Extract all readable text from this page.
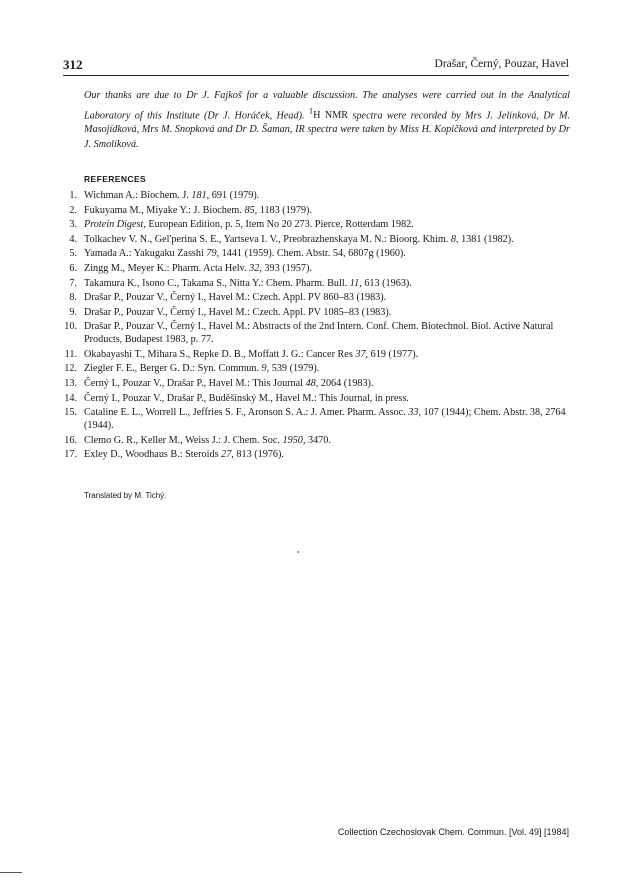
312	Drašar, Černý, Pouzar, Havel

Our thanks are due to Dr J. Fajkoš for a valuable discussion. The analyses were carried out in the Analytical Laboratory of this Institute (Dr J. Horáček, Head). $^1$H NMR spectra were recorded by Mrs J. Jelínková, Dr M. Masojídková, Mrs M. Snopková and Dr D. Šaman, IR spectra were taken by Miss H. Kopičková and interpreted by Dr J. Smolíková.

REFERENCES
1. Wichman A.: Biochem. J. 181, 691 (1979).
2. Fukuyama M., Miyake Y.: J. Biochem. 85, 1183 (1979).
3. Protein Digest, European Edition, p. 5, Item No 20 273. Pierce, Rotterdam 1982.
4. Tolkachev V. N., Gel'perina S. E., Yartseva I. V., Preobrazhenskaya M. N.: Bioorg. Khim. 8, 1381 (1982).
5. Yamada A.: Yakugaku Zasshi 79, 1441 (1959). Chem. Abstr. 54, 6807g (1960).
6. Zingg M., Meyer K.: Pharm. Acta Helv. 32, 393 (1957).
7. Takamura K., Isono C., Takama S., Nitta Y.: Chem. Pharm. Bull. 11, 613 (1963).
8. Drašar P., Pouzar V., Černý I., Havel M.: Czech. Appl. PV 860–83 (1983).
9. Drašar P., Pouzar V., Černý I., Havel M.: Czech. Appl. PV 1085–83 (1983).
10. Drašar P., Pouzar V., Černý I., Havel M.: Abstracts of the 2nd Intern. Conf. Chem. Biotechnol. Biol. Active Natural Products, Budapest 1983, p. 77.
11. Okabayashi T., Mihara S., Repke D. B., Moffatt J. G.: Cancer Res 37, 619 (1977).
12. Ziegler F. E., Berger G. D.: Syn. Commun. 9, 539 (1979).
13. Černý I., Pouzar V., Drašar P., Havel M.: This Journal 48, 2064 (1983).
14. Černý I., Pouzar V., Drašar P., Buděšínský M., Havel M.: This Journal, in press.
15. Cataline E. L., Worrell L., Jeffries S. F., Aronson S. A.: J. Amer. Pharm. Assoc. 33, 107 (1944); Chem. Abstr. 38, 2764 (1944).
16. Clemo G. R., Keller M., Weiss J.: J. Chem. Soc. 1950, 3470.
17. Exley D., Woodhaus B.: Steroids 27, 813 (1976).
Translated by M. Tichý.
Collection Czechoslovak Chem. Commun. [Vol. 49] [1984]
